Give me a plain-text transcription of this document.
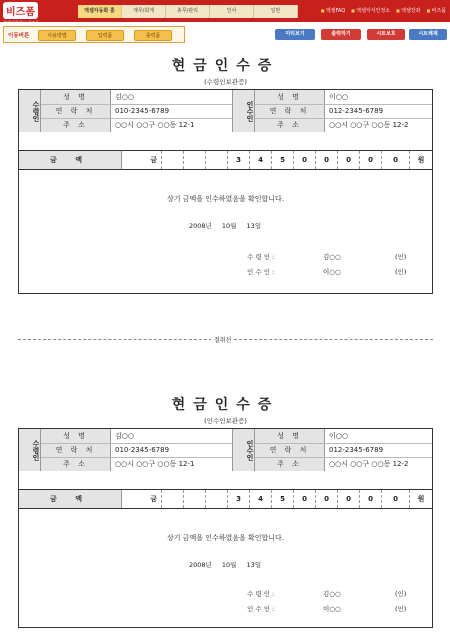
비즈폼
경제지원회사 비즈폼
엑셀자동화 홈	재무/회계	총무/관리	인사	일반	■ 엑셀FAQ	■ 엑셀자식인정소	■ 엑셀강좌	■ 비즈폼
이동버튼	사용방법	입력폼	출력폼	미리보기	출력하기	시트보호	시트해제
현금인수증
(수령인보관증)
수령인
성 명	김○○
연 락 처	010-2345-6789
주 소	○○시 ○○구 ○○동 12-1
인수인
성 명	이○○
연 락 처	012-2345-6789
주 소	○○시 ○○구 ○○동 12-2
금 액	금	3	4	5	0	0	0	0	0	원
상기 금액을 인수하였음을 확인합니다.
2008년 10월 13일
수 령 인 :	김○○	(인)
인 수 인 :	이○○	(인)
절취선
현금인수증
(인수인보관증)
수령인
성 명	김○○
연 락 처	010-2345-6789
주 소	○○시 ○○구 ○○동 12-1
인수인
성 명	이○○
연 락 처	012-2345-6789
주 소	○○시 ○○구 ○○동 12-2
금 액	금	3	4	5	0	0	0	0	0	원
상기 금액을 인수하였음을 확인합니다.
2008년 10월 13일
수 령 인 :	김○○	(인)
인 수 인 :	이○○	(인)
